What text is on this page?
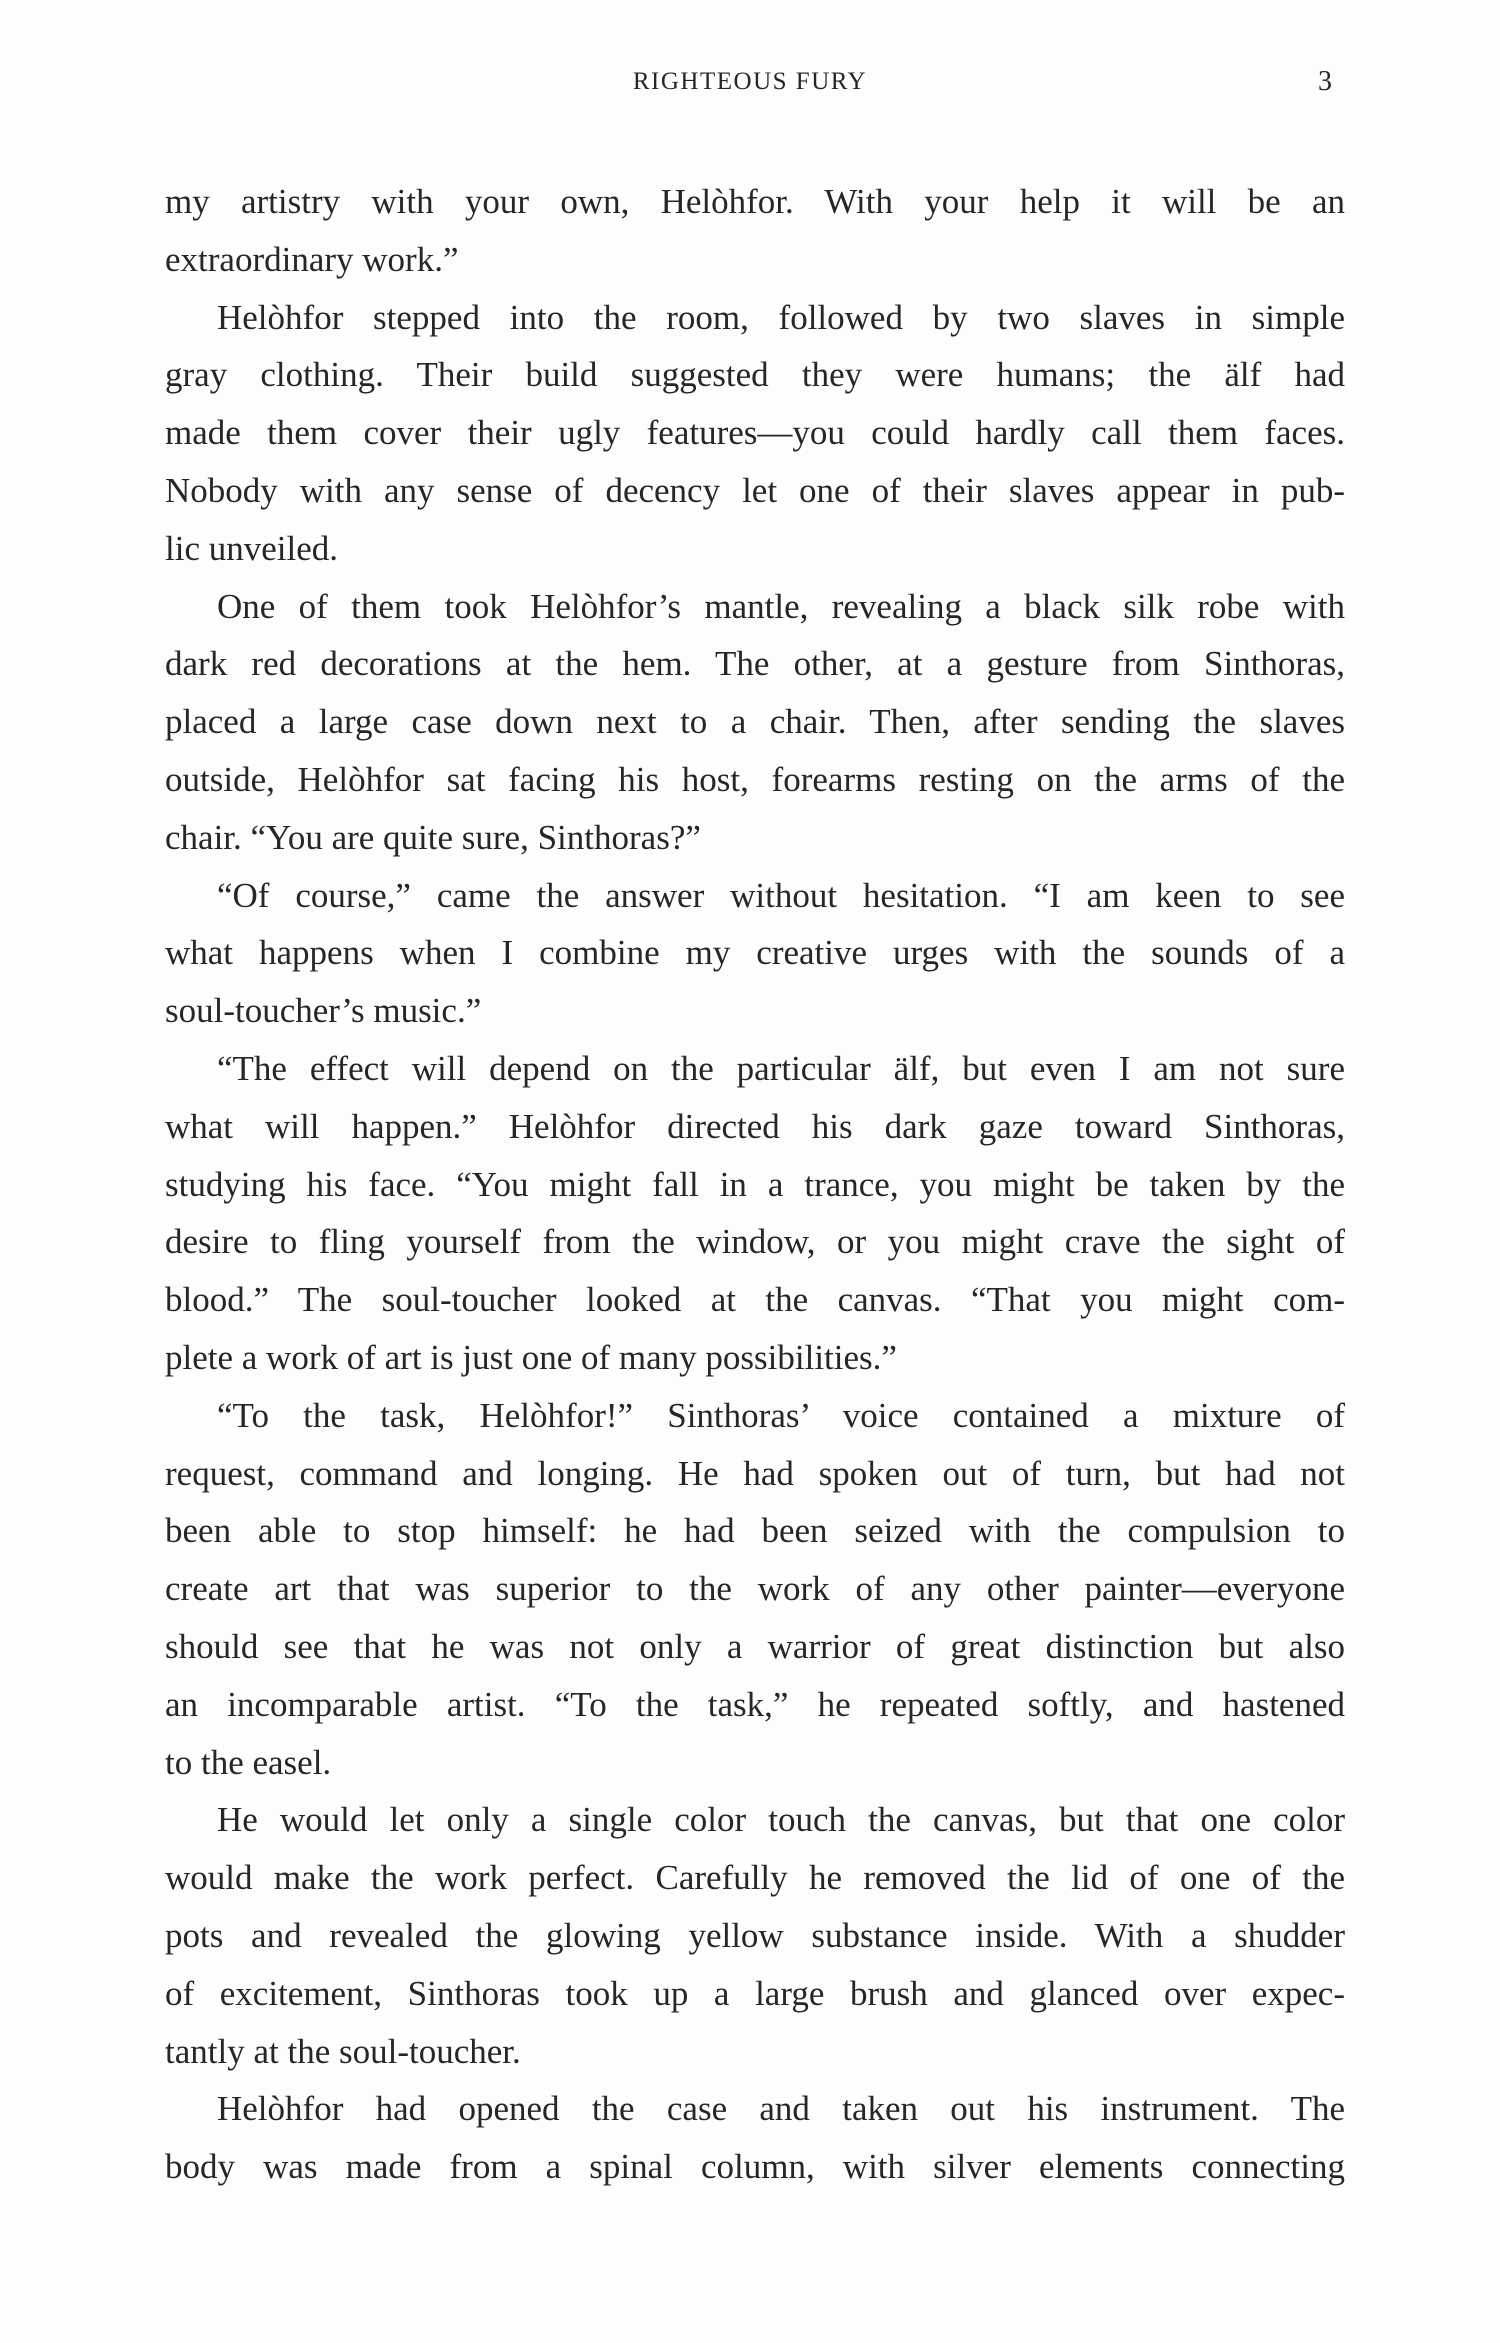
RIGHTEOUS FURY	3
my artistry with your own, Helòhfor. With your help it will be an
extraordinary work.”
Helòhfor stepped into the room, followed by two slaves in simple
gray clothing. Their build suggested they were humans; the älf had
made them cover their ugly features—you could hardly call them faces.
Nobody with any sense of decency let one of their slaves appear in pub-
lic unveiled.
One of them took Helòhfor’s mantle, revealing a black silk robe with
dark red decorations at the hem. The other, at a gesture from Sinthoras,
placed a large case down next to a chair. Then, after sending the slaves
outside, Helòhfor sat facing his host, forearms resting on the arms of the
chair. “You are quite sure, Sinthoras?”
“Of course,” came the answer without hesitation. “I am keen to see
what happens when I combine my creative urges with the sounds of a
soul-toucher’s music.”
“The effect will depend on the particular älf, but even I am not sure
what will happen.” Helòhfor directed his dark gaze toward Sinthoras,
studying his face. “You might fall in a trance, you might be taken by the
desire to fling yourself from the window, or you might crave the sight of
blood.” The soul-toucher looked at the canvas. “That you might com-
plete a work of art is just one of many possibilities.”
“To the task, Helòhfor!” Sinthoras’ voice contained a mixture of
request, command and longing. He had spoken out of turn, but had not
been able to stop himself: he had been seized with the compulsion to
create art that was superior to the work of any other painter—everyone
should see that he was not only a warrior of great distinction but also
an incomparable artist. “To the task,” he repeated softly, and hastened
to the easel.
He would let only a single color touch the canvas, but that one color
would make the work perfect. Carefully he removed the lid of one of the
pots and revealed the glowing yellow substance inside. With a shudder
of excitement, Sinthoras took up a large brush and glanced over expec-
tantly at the soul-toucher.
Helòhfor had opened the case and taken out his instrument. The
body was made from a spinal column, with silver elements connecting
